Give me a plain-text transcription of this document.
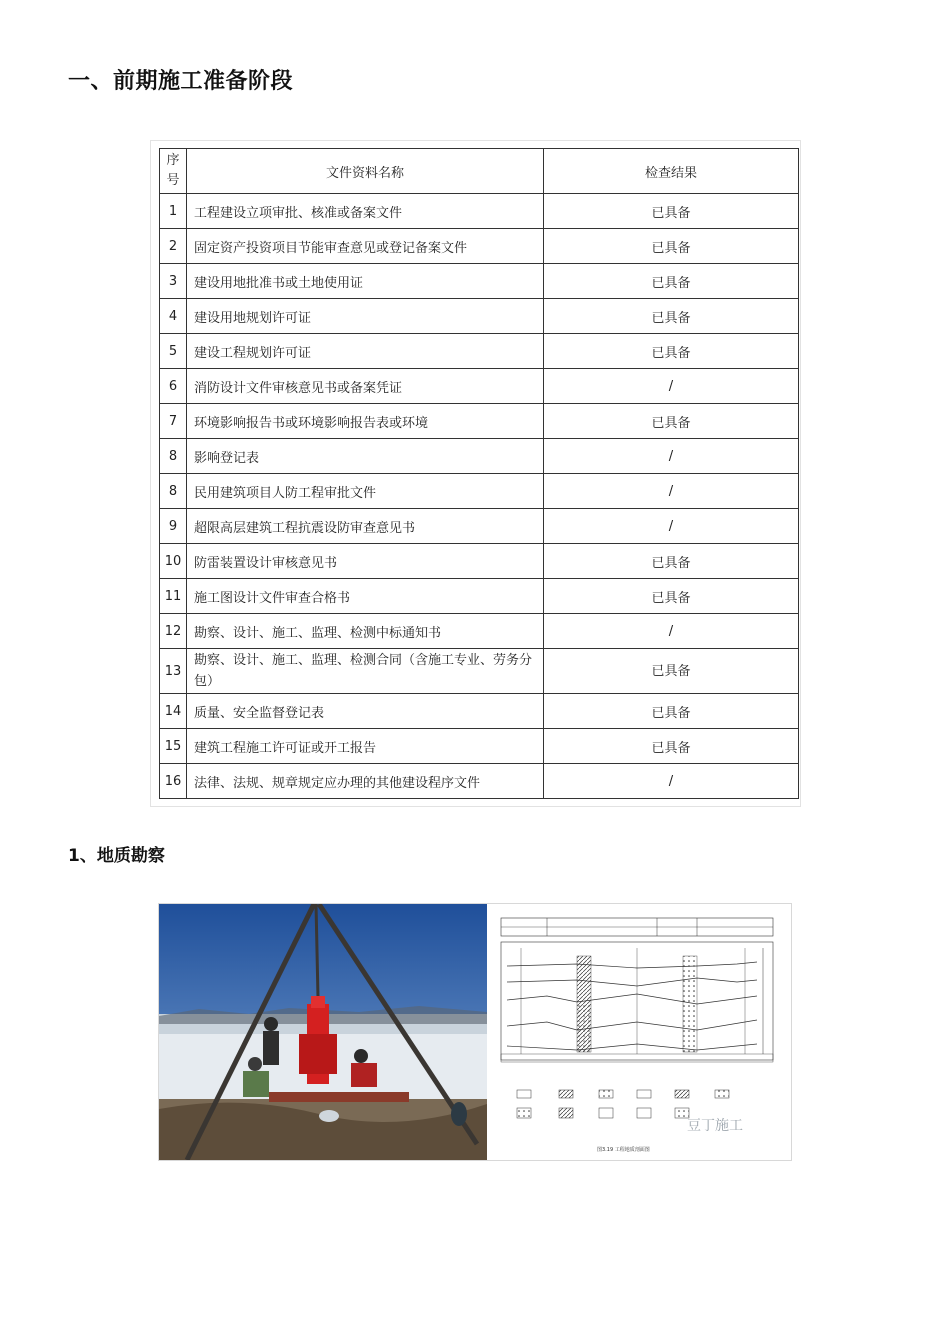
一、前期施工准备阶段
序
号	文件资料名称	检查结果
1	工程建设立项审批、核准或备案文件	已具备
2	固定资产投资项目节能审查意见或登记备案文件	已具备
3	建设用地批准书或土地使用证	已具备
4	建设用地规划许可证	已具备
5	建设工程规划许可证	已具备
6	消防设计文件审核意见书或备案凭证	/
7	环境影响报告书或环境影响报告表或环境	已具备
8	影响登记表	/
8	民用建筑项目人防工程审批文件	/
9	超限高层建筑工程抗震设防审查意见书	/
10	防雷装置设计审核意见书	已具备
11	施工图设计文件审查合格书	已具备
12	勘察、设计、施工、监理、检测中标通知书	/
13	勘察、设计、施工、监理、检测合同（含施工专业、劳务分包）	已具备
14	质量、安全监督登记表	已具备
15	建筑工程施工许可证或开工报告	已具备
16	法律、法规、规章规定应办理的其他建设程序文件	/
1、地质勘察
豆丁施工
图3.19 工程地质剖面图
